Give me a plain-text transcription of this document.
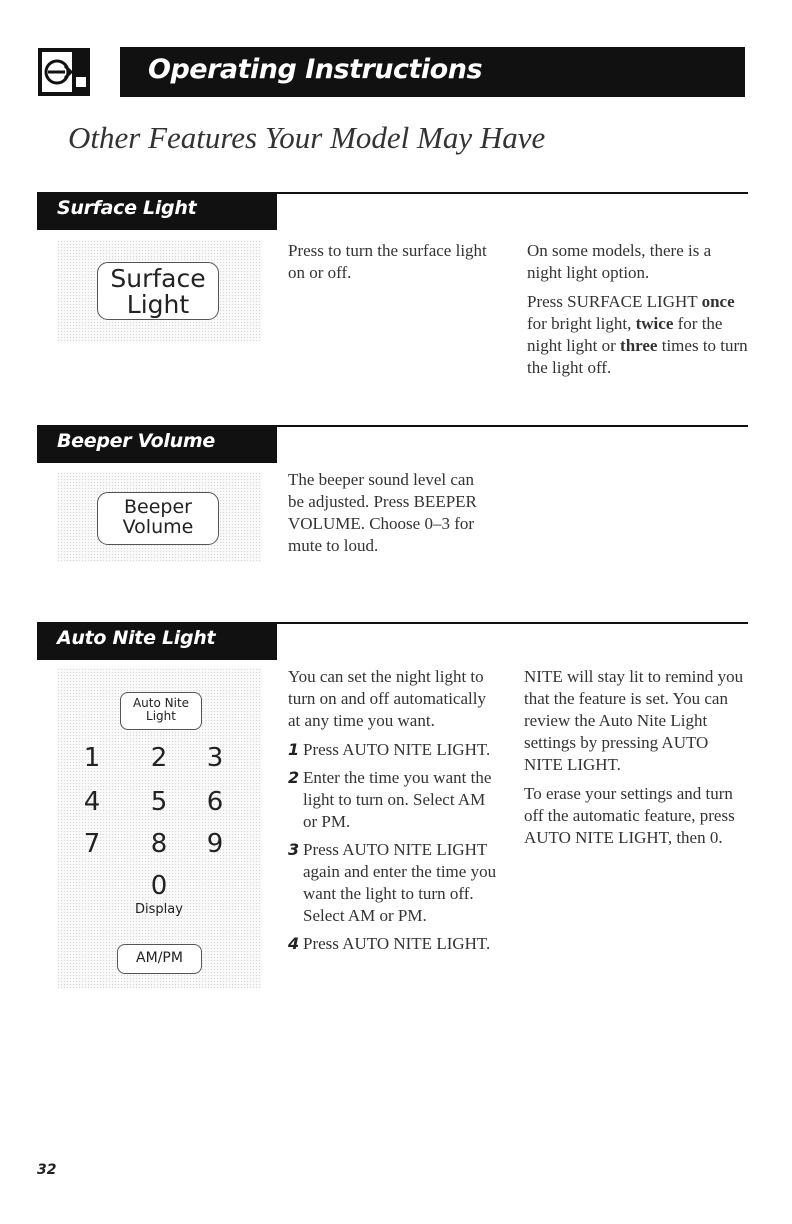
Operating Instructions
Other Features Your Model May Have
Surface Light
Surface
Light

Press to turn the surface light on or off.

On some models, there is a night light option.

Press SURFACE LIGHT once for bright light, twice for the night light or three times to turn the light off.

Beeper Volume
Beeper
Volume

The beeper sound level can be adjusted. Press BEEPER VOLUME. Choose 0–3 for mute to loud.

Auto Nite Light
Auto Nite
Light
1	2	3
4	5	6
7	8	9
0
Display
AM/PM

You can set the night light to turn on and off automatically at any time you want.

1 Press AUTO NITE LIGHT.
2 Enter the time you want the light to turn on. Select AM or PM.
3 Press AUTO NITE LIGHT again and enter the time you want the light to turn off. Select AM or PM.
4 Press AUTO NITE LIGHT.

NITE will stay lit to remind you that the feature is set. You can review the Auto Nite Light settings by pressing AUTO NITE LIGHT.

To erase your settings and turn off the automatic feature, press AUTO NITE LIGHT, then 0.

32
